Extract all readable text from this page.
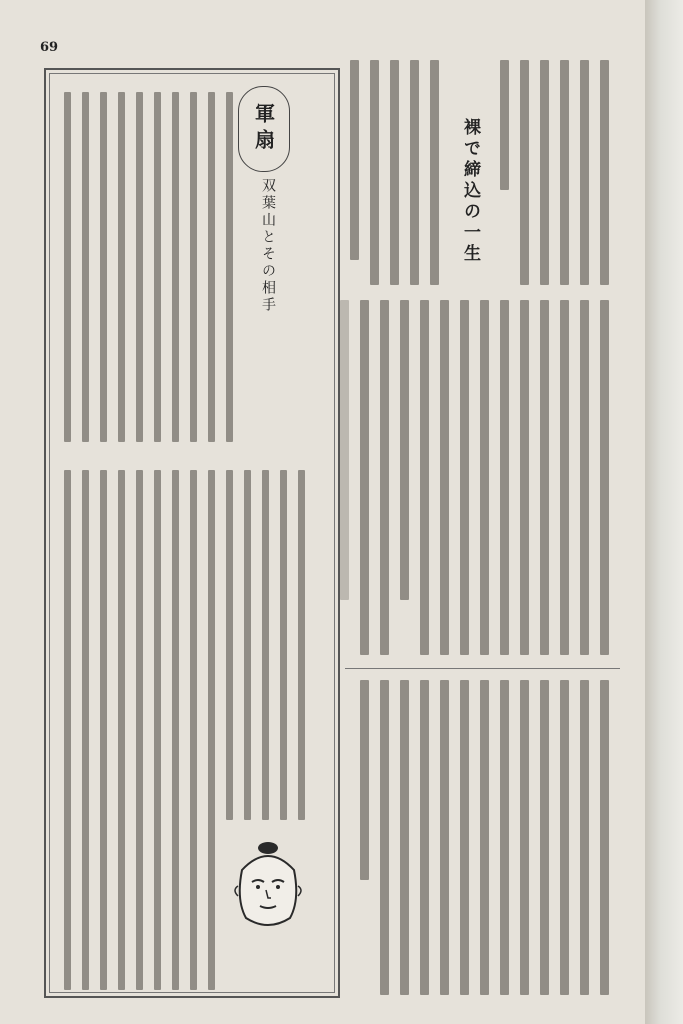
69
裸で締込の一生
軍扇
双葉山とその相手
